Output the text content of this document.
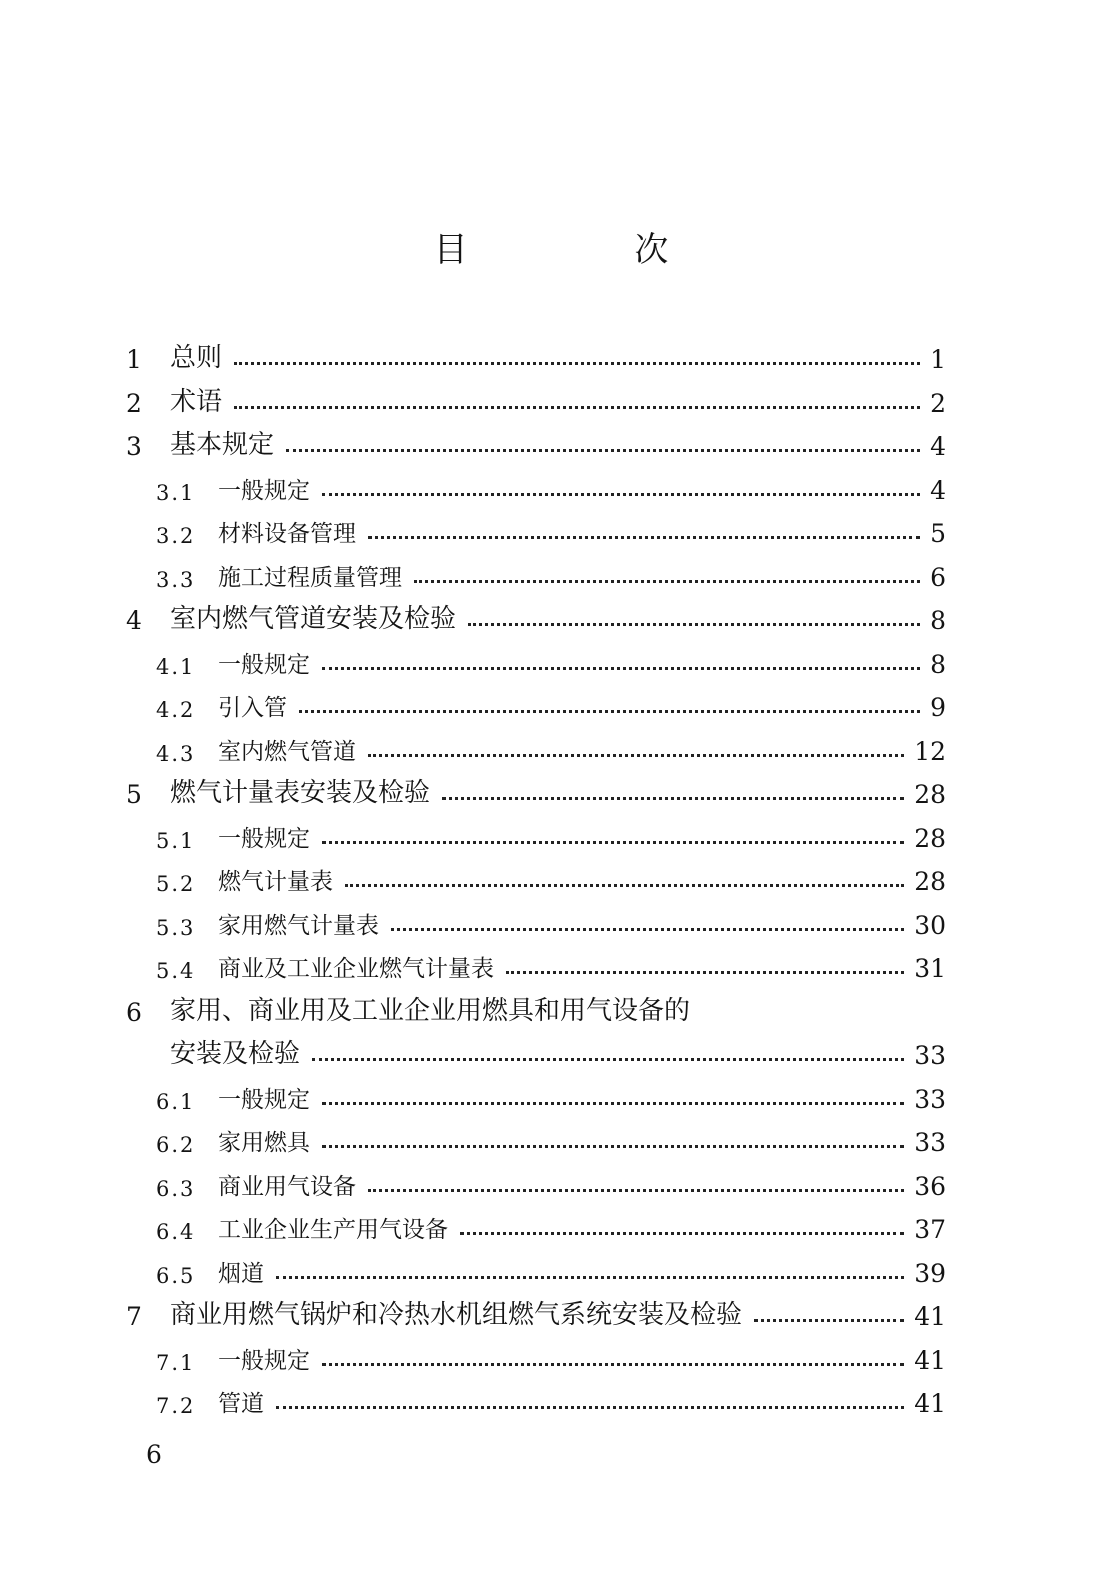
目 次
1	总则	1
2	术语	2
3	基本规定	4
3.1 一般规定	4
3.2 材料设备管理	5
3.3 施工过程质量管理	6
4	室内燃气管道安装及检验	8
4.1 一般规定	8
4.2 引入管	9
4.3 室内燃气管道	12
5	燃气计量表安装及检验	28
5.1 一般规定	28
5.2 燃气计量表	28
5.3 家用燃气计量表	30
5.4 商业及工业企业燃气计量表	31
6	家用、商业用及工业企业用燃具和用气设备的
安装及检验	33
6.1 一般规定	33
6.2 家用燃具	33
6.3 商业用气设备	36
6.4 工业企业生产用气设备	37
6.5 烟道	39
7	商业用燃气锅炉和冷热水机组燃气系统安装及检验	41
7.1 一般规定	41
7.2 管道	41
6
